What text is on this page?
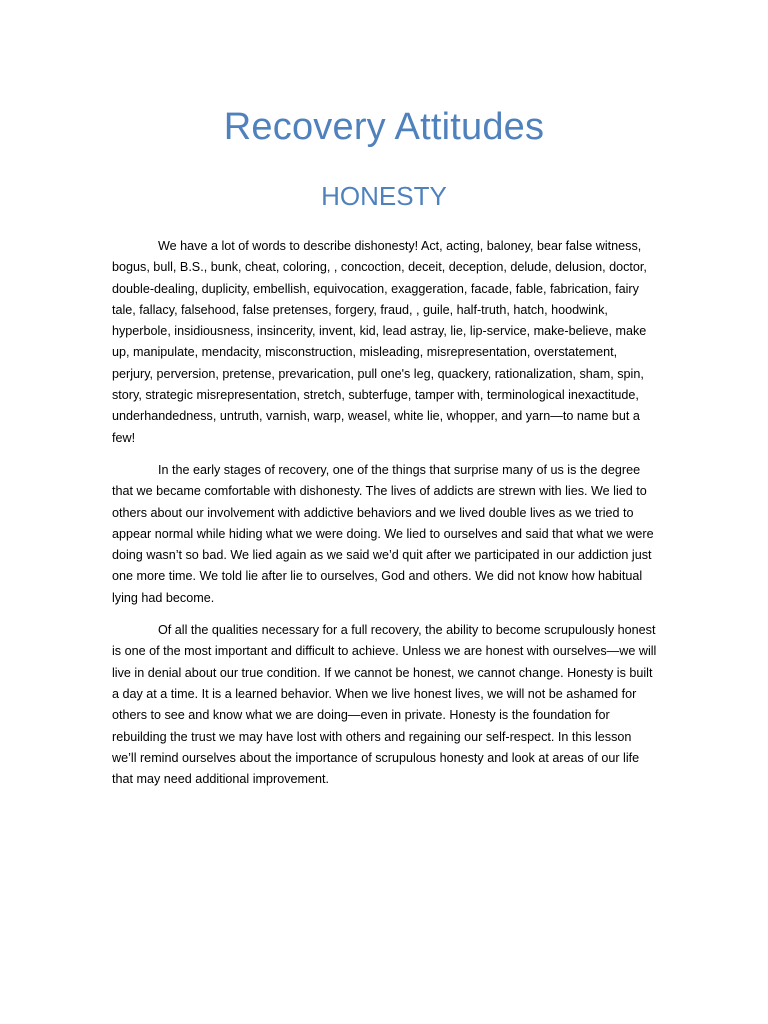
Recovery Attitudes
HONESTY

We have a lot of words to describe dishonesty! Act, acting, baloney, bear false witness, bogus, bull, B.S., bunk, cheat, coloring, , concoction, deceit, deception, delude, delusion, doctor, double-dealing, duplicity, embellish, equivocation, exaggeration, facade, fable, fabrication, fairy tale, fallacy, falsehood, false pretenses, forgery, fraud, , guile, half-truth, hatch, hoodwink, hyperbole, insidiousness, insincerity, invent, kid, lead astray, lie, lip-service, make-believe, make up, manipulate, mendacity, misconstruction, misleading, misrepresentation, overstatement, perjury, perversion, pretense, prevarication, pull one's leg, quackery, rationalization, sham, spin, story, strategic misrepresentation, stretch, subterfuge, tamper with, terminological inexactitude, underhandedness, untruth, varnish, warp, weasel, white lie, whopper, and yarn—to name but a few!

In the early stages of recovery, one of the things that surprise many of us is the degree that we became comfortable with dishonesty. The lives of addicts are strewn with lies. We lied to others about our involvement with addictive behaviors and we lived double lives as we tried to appear normal while hiding what we were doing. We lied to ourselves and said that what we were doing wasn’t so bad. We lied again as we said we’d quit after we participated in our addiction just one more time. We told lie after lie to ourselves, God and others. We did not know how habitual lying had become.

Of all the qualities necessary for a full recovery, the ability to become scrupulously honest is one of the most important and difficult to achieve. Unless we are honest with ourselves—we will live in denial about our true condition. If we cannot be honest, we cannot change. Honesty is built a day at a time. It is a learned behavior. When we live honest lives, we will not be ashamed for others to see and know what we are doing—even in private. Honesty is the foundation for rebuilding the trust we may have lost with others and regaining our self-respect. In this lesson we’ll remind ourselves about the importance of scrupulous honesty and look at areas of our life that may need additional improvement.
